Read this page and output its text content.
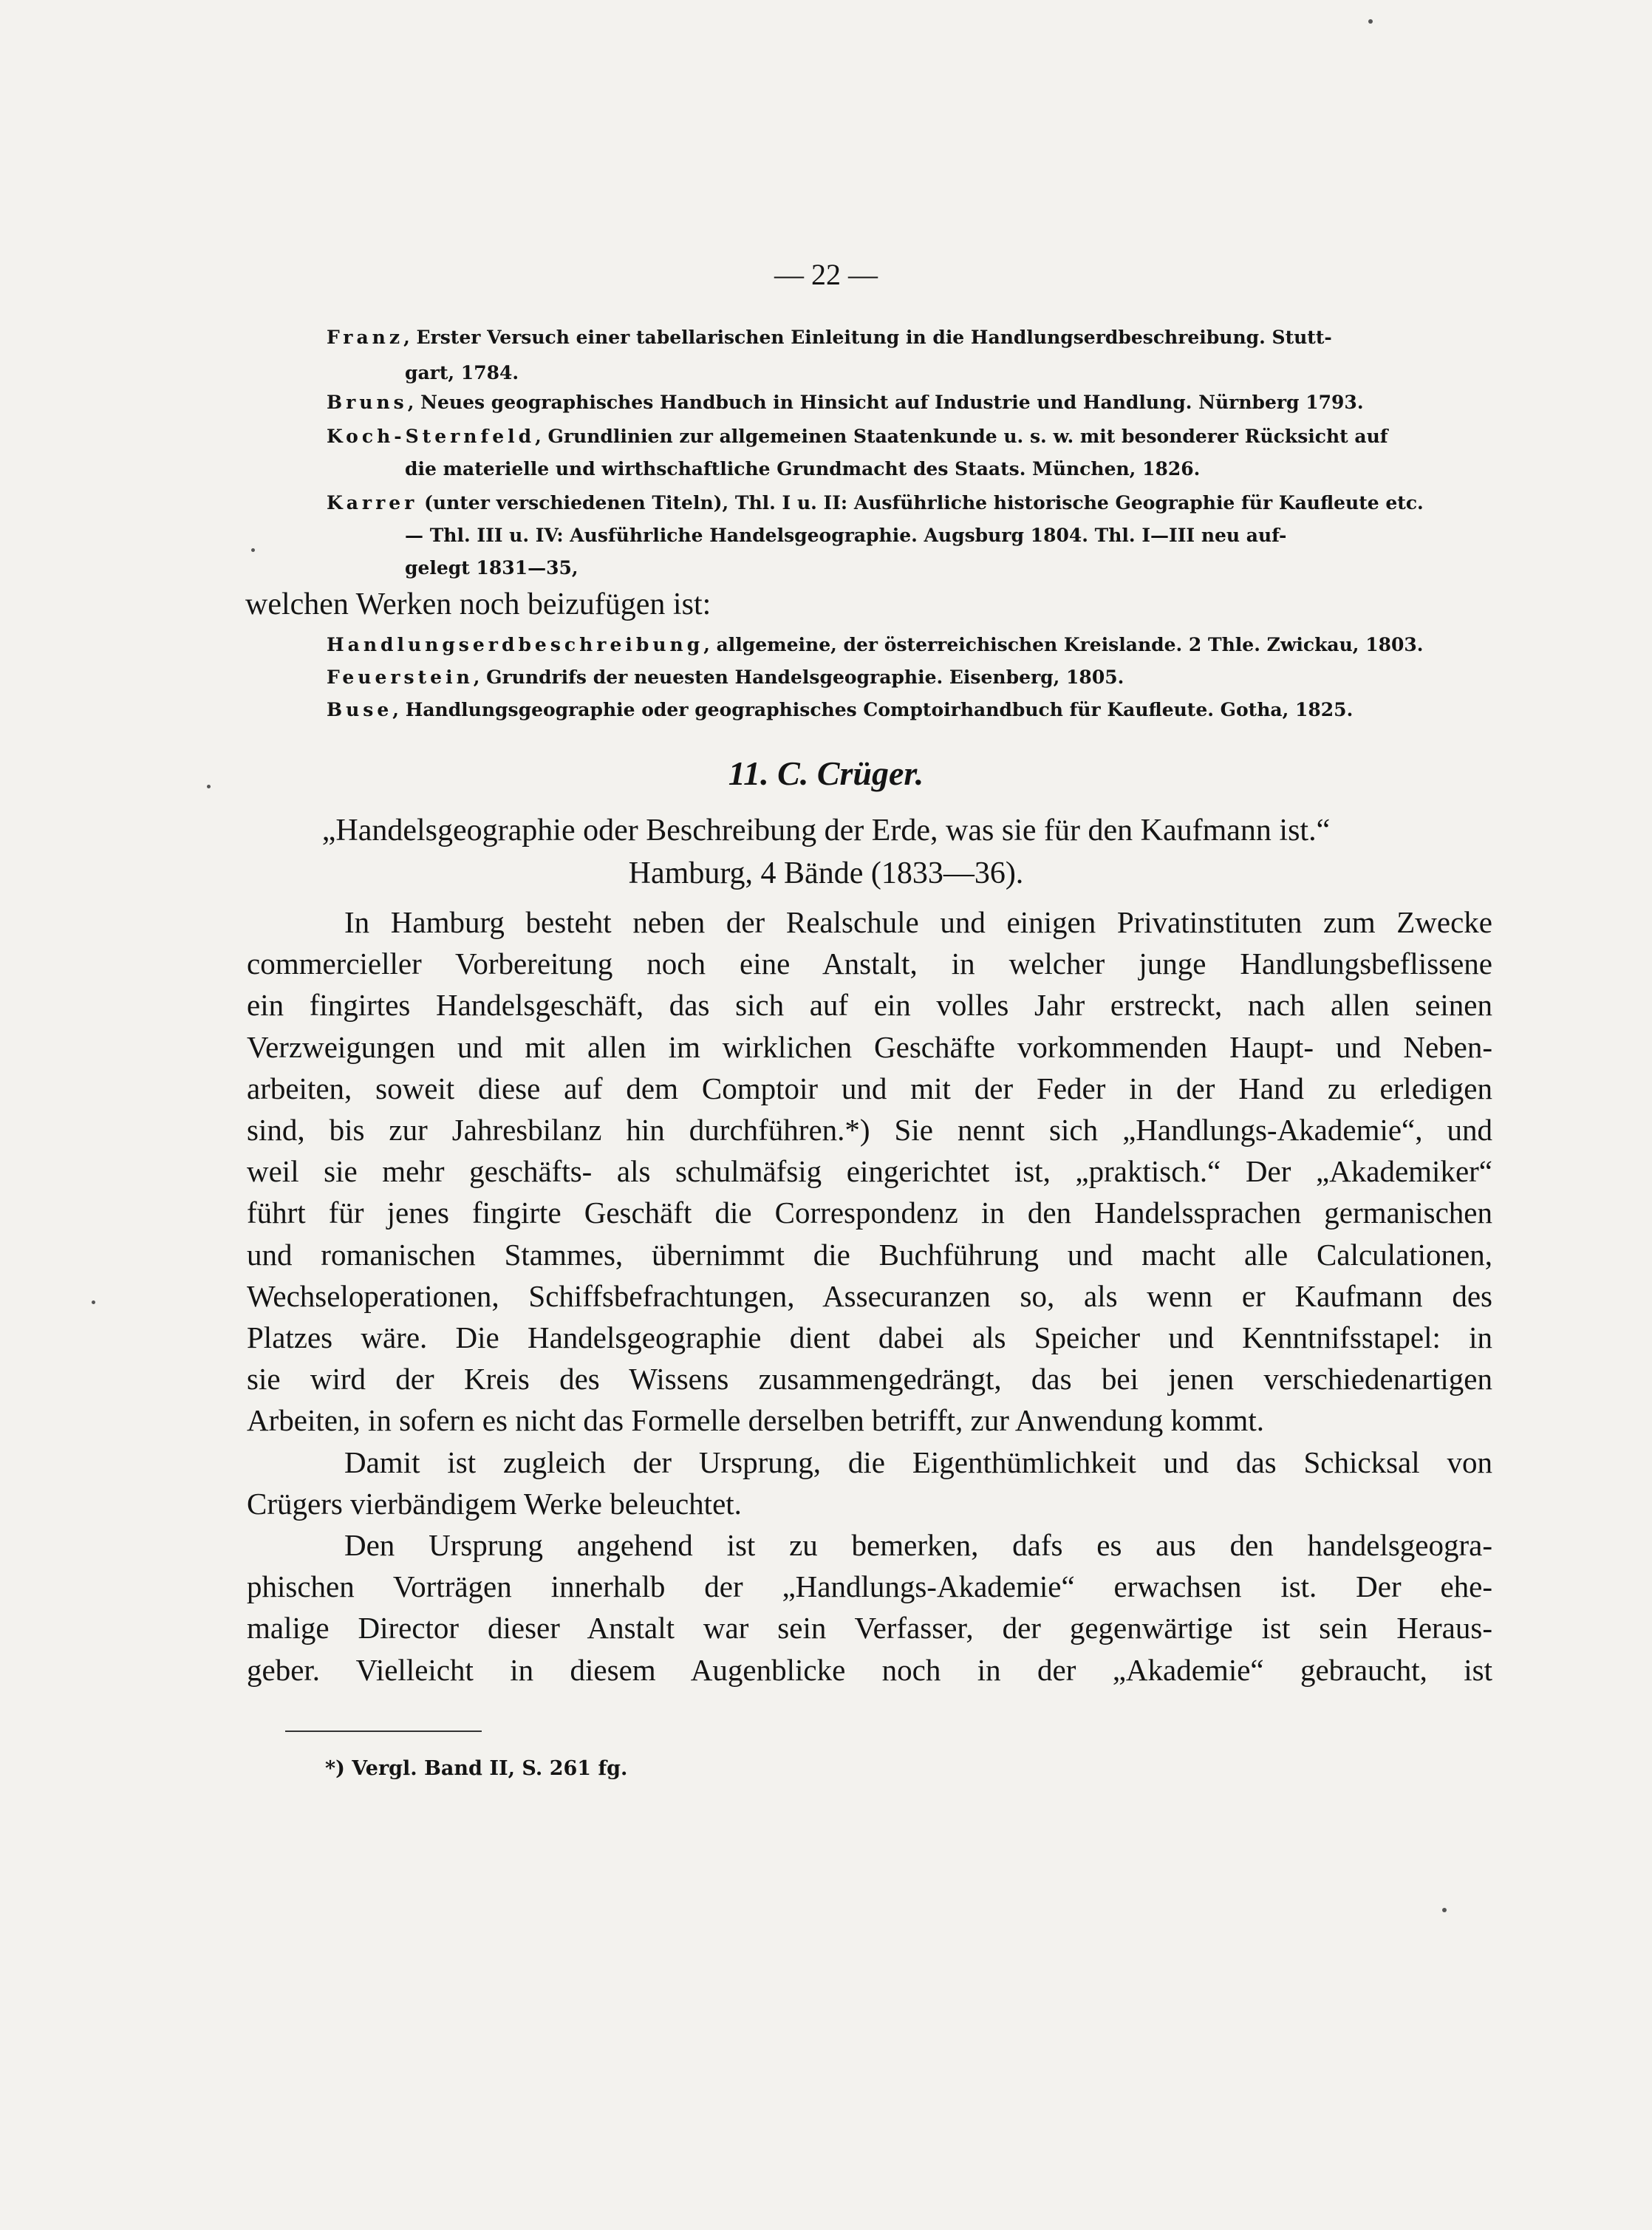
— 22 —
Franz, Erster Versuch einer tabellarischen Einleitung in die Handlungserdbeschreibung. Stutt-
gart, 1784.
Bruns, Neues geographisches Handbuch in Hinsicht auf Industrie und Handlung. Nürnberg 1793.
Koch-Sternfeld, Grundlinien zur allgemeinen Staatenkunde u. s. w. mit besonderer Rücksicht auf
die materielle und wirthschaftliche Grundmacht des Staats. München, 1826.
Karrer (unter verschiedenen Titeln), Thl. I u. II: Ausführliche historische Geographie für Kaufleute etc.
— Thl. III u. IV: Ausführliche Handelsgeographie. Augsburg 1804. Thl. I—III neu auf-
gelegt 1831—35,
welchen Werken noch beizufügen ist:
Handlungserdbeschreibung, allgemeine, der österreichischen Kreislande. 2 Thle. Zwickau, 1803.
Feuerstein, Grundrifs der neuesten Handelsgeographie. Eisenberg, 1805.
Buse, Handlungsgeographie oder geographisches Comptoirhandbuch für Kaufleute. Gotha, 1825.
11. C. Crüger.
„Handelsgeographie oder Beschreibung der Erde, was sie für den Kaufmann ist.“
Hamburg, 4 Bände (1833—36).
In Hamburg besteht neben der Realschule und einigen Privatinstituten zum Zwecke
commercieller Vorbereitung noch eine Anstalt, in welcher junge Handlungsbeflissene
ein fingirtes Handelsgeschäft, das sich auf ein volles Jahr erstreckt, nach allen seinen
Verzweigungen und mit allen im wirklichen Geschäfte vorkommenden Haupt- und Neben-
arbeiten, soweit diese auf dem Comptoir und mit der Feder in der Hand zu erledigen
sind, bis zur Jahresbilanz hin durchführen.*) Sie nennt sich „Handlungs-Akademie“, und
weil sie mehr geschäfts- als schulmäfsig eingerichtet ist, „praktisch.“ Der „Akademiker“
führt für jenes fingirte Geschäft die Correspondenz in den Handelssprachen germanischen
und romanischen Stammes, übernimmt die Buchführung und macht alle Calculationen,
Wechseloperationen, Schiffsbefrachtungen, Assecuranzen so, als wenn er Kaufmann des
Platzes wäre. Die Handelsgeographie dient dabei als Speicher und Kenntnifsstapel: in
sie wird der Kreis des Wissens zusammengedrängt, das bei jenen verschiedenartigen
Arbeiten, in sofern es nicht das Formelle derselben betrifft, zur Anwendung kommt.
Damit ist zugleich der Ursprung, die Eigenthümlichkeit und das Schicksal von
Crügers vierbändigem Werke beleuchtet.
Den Ursprung angehend ist zu bemerken, dafs es aus den handelsgeogra-
phischen Vorträgen innerhalb der „Handlungs-Akademie“ erwachsen ist. Der ehe-
malige Director dieser Anstalt war sein Verfasser, der gegenwärtige ist sein Heraus-
geber. Vielleicht in diesem Augenblicke noch in der „Akademie“ gebraucht, ist
*) Vergl. Band II, S. 261 fg.
